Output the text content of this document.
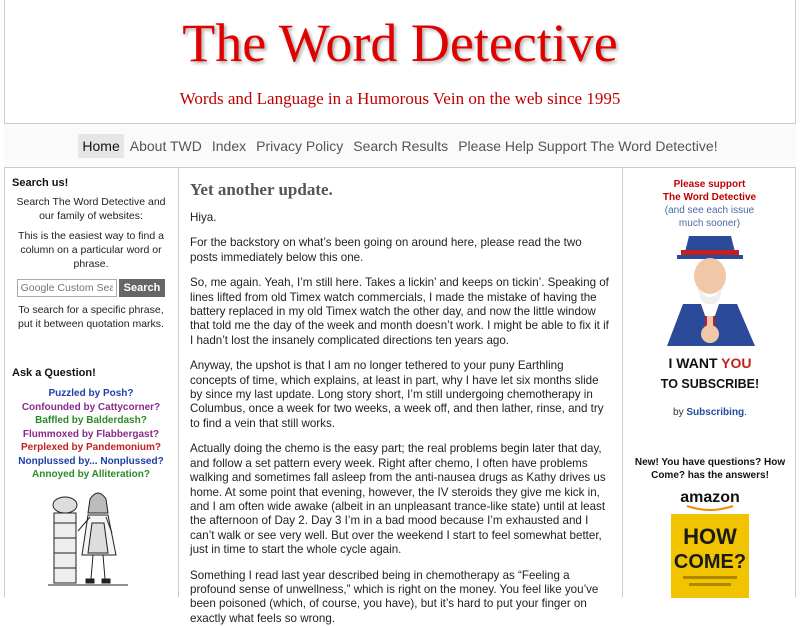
The Word Detective
Words and Language in a Humorous Vein on the web since 1995
Home About TWD Index Privacy Policy Search Results Please Help Support The Word Detective!
Search us!

Search The Word Detective and our family of websites:

This is the easiest way to find a column on a particular word or phrase.

Google Custom Sea
Search

To search for a specific phrase, put it between quotation marks.

Ask a Question!
Puzzled by Posh?
Confounded by Cattycorner?
Baffled by Balderdash?
Flummoxed by Flabbergast?
Perplexed by Pandemonium?
Nonplussed by... Nonplussed?
Annoyed by Alliteration?
Yet another update.

Hiya.

For the backstory on what’s been going on around here, please read the two posts immediately below this one.

So, me again. Yeah, I’m still here. Takes a lickin’ and keeps on tickin’. Speaking of lines lifted from old Timex watch commercials, I made the mistake of having the battery replaced in my old Timex watch the other day, and now the little window that told me the day of the week and month doesn’t work. I might be able to fix it if I hadn’t lost the insanely complicated directions ten years ago.

Anyway, the upshot is that I am no longer tethered to your puny Earthling concepts of time, which explains, at least in part, why I have let six months slide by since my last update. Long story short, I’m still undergoing chemotherapy in Columbus, once a week for two weeks, a week off, and then lather, rinse, and try to find a vein that still works.

Actually doing the chemo is the easy part; the real problems begin later that day, and follow a set pattern every week. Right after chemo, I often have problems walking and sometimes fall asleep from the anti-nausea drugs as Kathy drives us home. At some point that evening, however, the IV steroids they give me kick in, and I am often wide awake (albeit in an unpleasant trance-like state) until at least the afternoon of Day 2. Day 3 I’m in a bad mood because I’m exhausted and I can’t walk or see very well. But over the weekend I start to feel somewhat better, just in time to start the whole cycle again.

Something I read last year described being in chemotherapy as “Feeling a profound sense of unwellness,” which is right on the money. You feel like you’ve been poisoned (which, of course, you have), but it’s hard to put your finger on exactly what feels so wrong.

Please support
The Word Detective
(and see each issue much sooner)
I WANT YOU
TO SUBSCRIBE!
by Subscribing.
New! You have questions? How Come? has the answers!
amazon
HOW
COME?
